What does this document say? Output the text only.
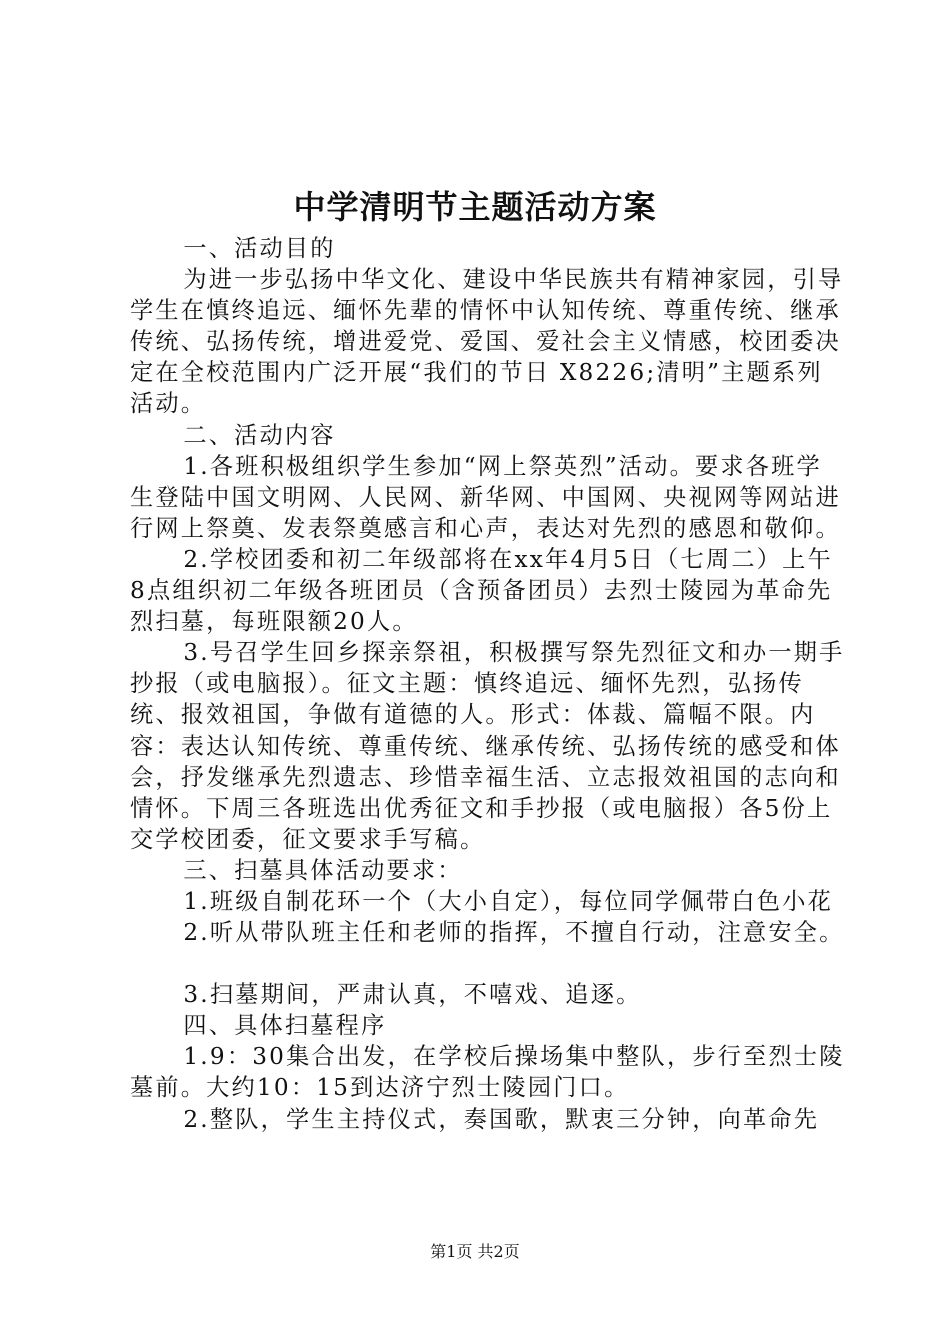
中学清明节主题活动方案

一、活动目的

为进一步弘扬中华文化、建设中华民族共有精神家园，引导学生在慎终追远、缅怀先辈的情怀中认知传统、尊重传统、继承传统、弘扬传统，增进爱党、爱国、爱社会主义情感，校团委决定在全校范围内广泛开展“我们的节日 X8226;清明”主题系列活动。

二、活动内容

1.各班积极组织学生参加“网上祭英烈”活动。要求各班学生登陆中国文明网、人民网、新华网、中国网、央视网等网站进行网上祭奠、发表祭奠感言和心声，表达对先烈的感恩和敬仰。

2.学校团委和初二年级部将在xx年4月5日（七周二）上午8点组织初二年级各班团员（含预备团员）去烈士陵园为革命先烈扫墓，每班限额20人。

3.号召学生回乡探亲祭祖，积极撰写祭先烈征文和办一期手抄报（或电脑报）。征文主题：慎终追远、缅怀先烈，弘扬传统、报效祖国，争做有道德的人。形式：体裁、篇幅不限。内容：表达认知传统、尊重传统、继承传统、弘扬传统的感受和体会，抒发继承先烈遗志、珍惜幸福生活、立志报效祖国的志向和情怀。下周三各班选出优秀征文和手抄报（或电脑报）各5份上交学校团委，征文要求手写稿。

三、扫墓具体活动要求：

1.班级自制花环一个（大小自定），每位同学佩带白色小花

2.听从带队班主任和老师的指挥，不擅自行动，注意安全。

3.扫墓期间，严肃认真，不嘻戏、追逐。

四、具体扫墓程序

1.9：30集合出发，在学校后操场集中整队，步行至烈士陵墓前。大约10：15到达济宁烈士陵园门口。

2.整队，学生主持仪式，奏国歌，默衷三分钟，向革命先

第1页 共2页
